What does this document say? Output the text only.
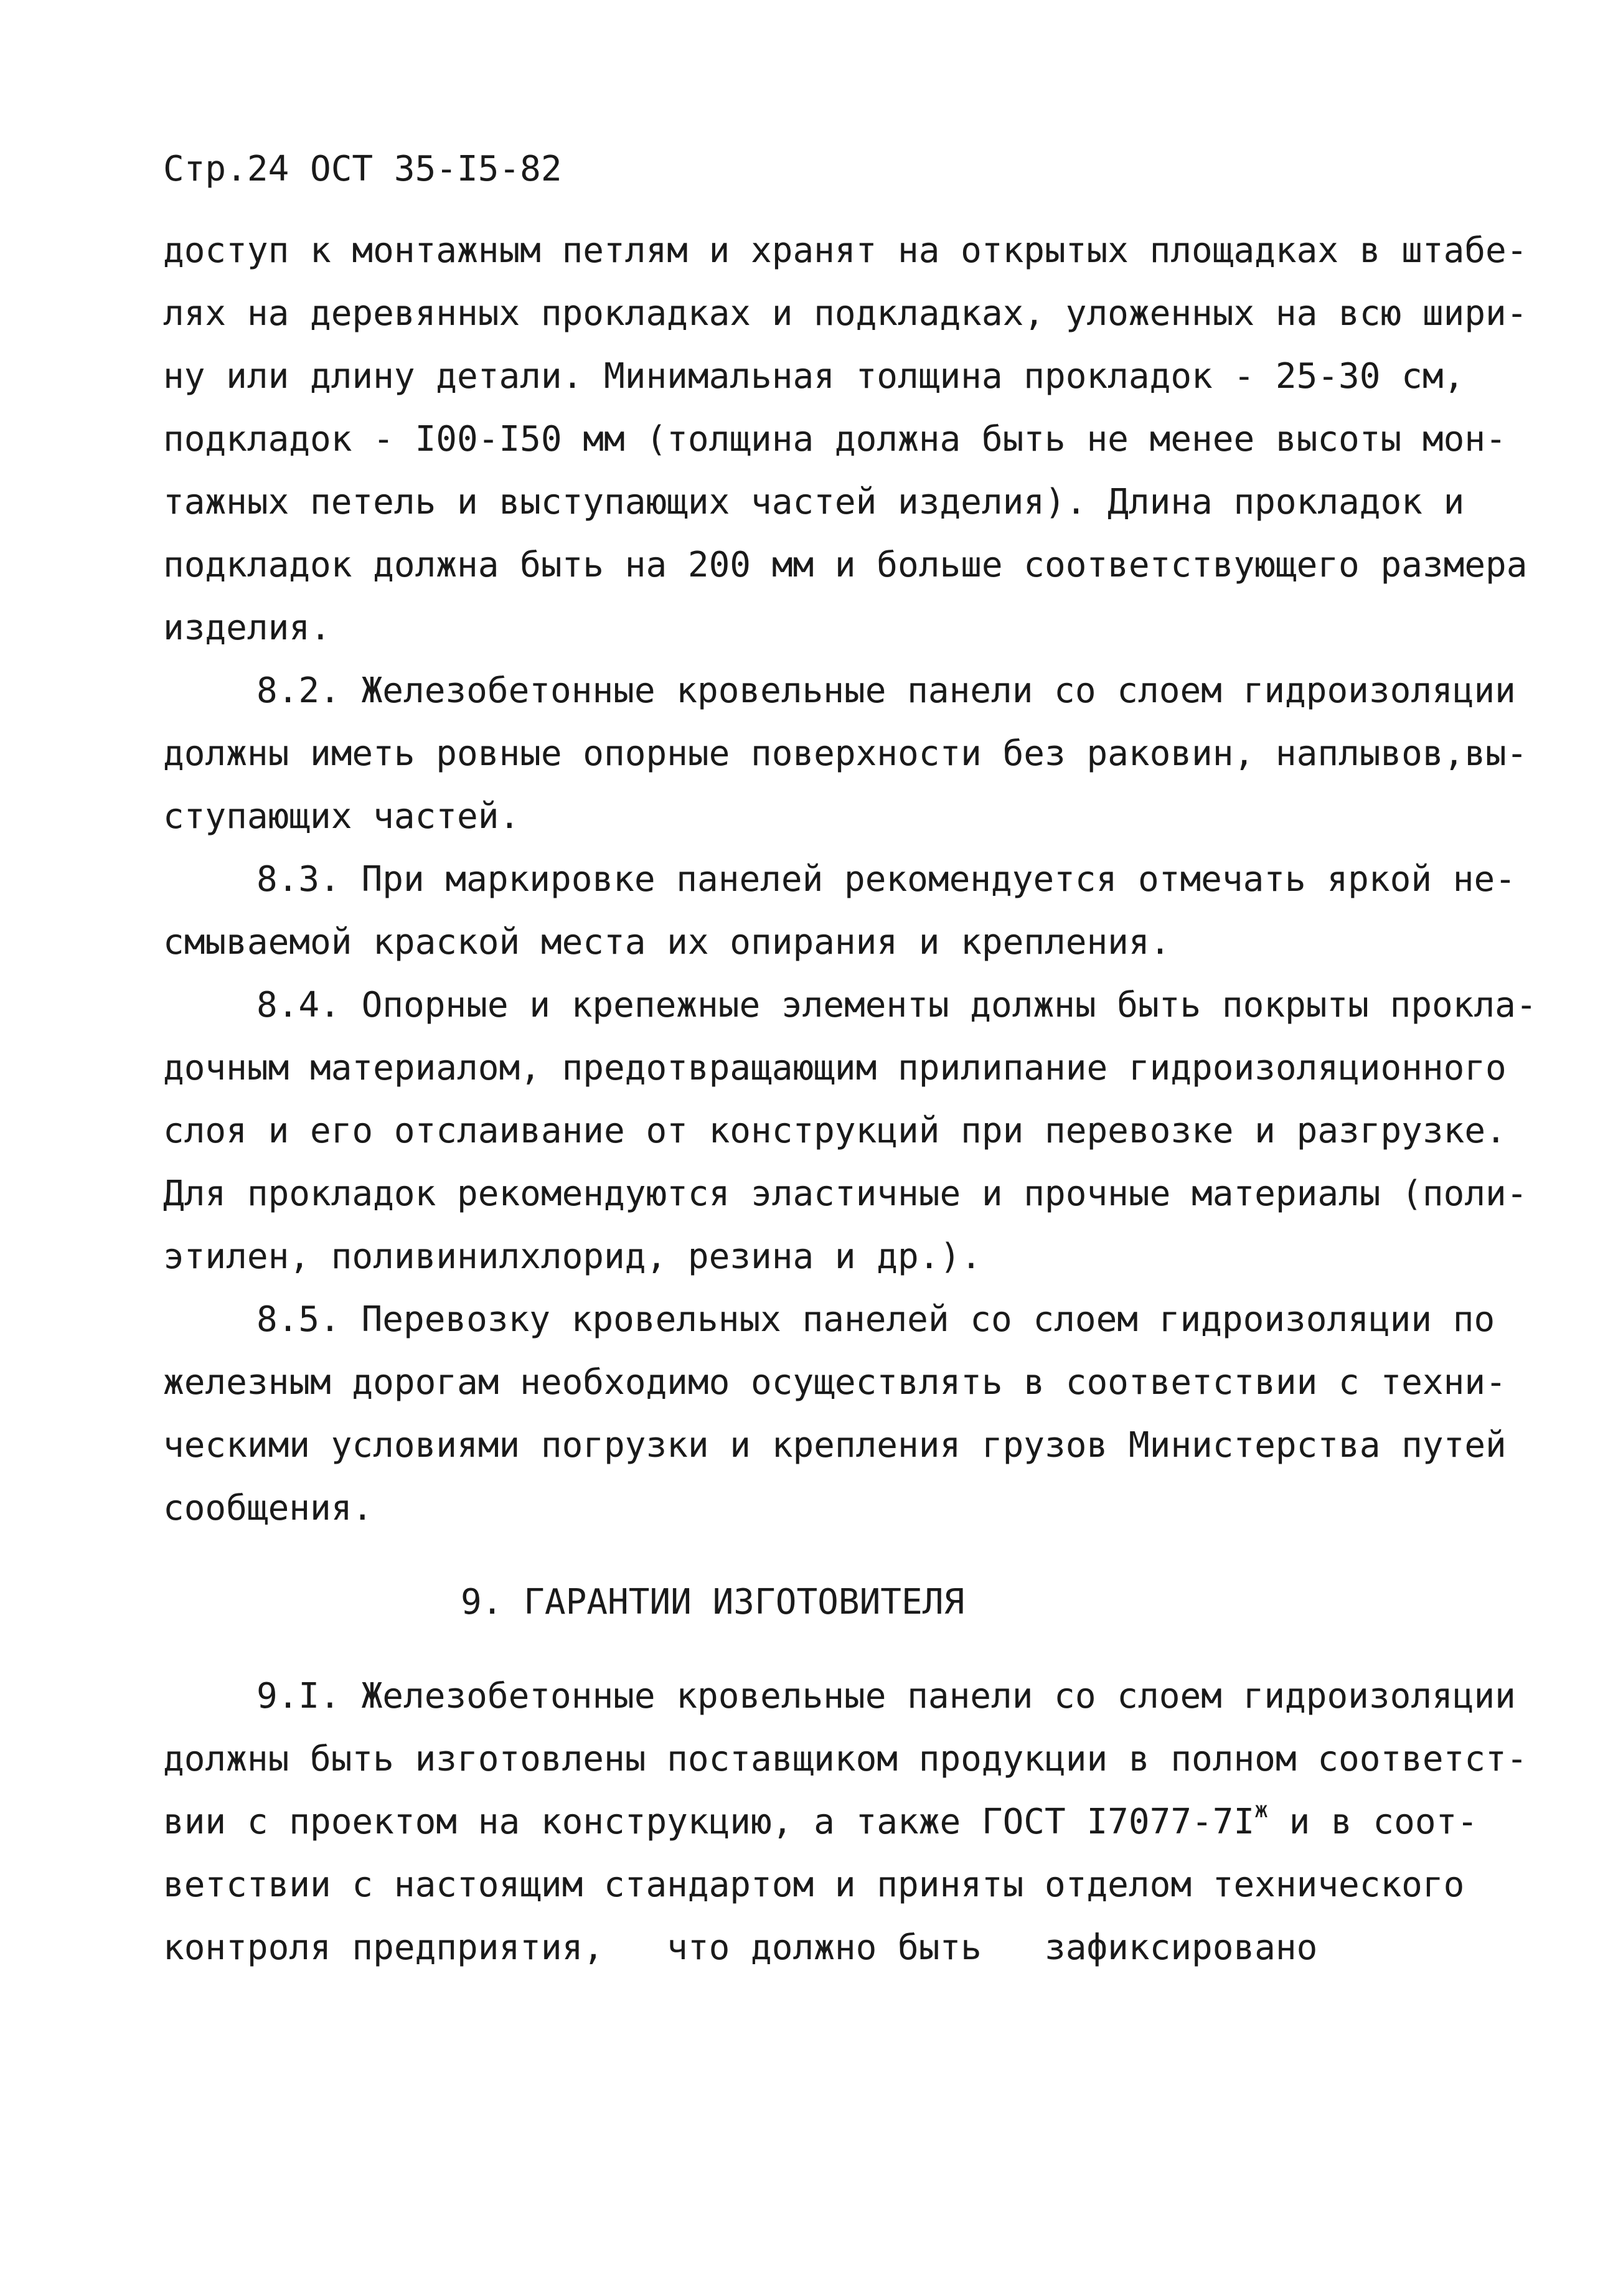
Стр.24 ОСТ 35-I5-82
доступ к монтажным петлям и хранят на открытых площадках в штабе-
лях на деревянных прокладках и подкладках, уложенных на всю шири-
ну или длину детали. Минимальная толщина прокладок - 25-30 см,
подкладок - I00-I50 мм (толщина должна быть не менее высоты мон-
тажных петель и выступающих частей изделия). Длина прокладок и
подкладок должна быть на 200 мм и больше соответствующего размера
изделия.
8.2. Железобетонные кровельные панели со слоем гидроизоляции
должны иметь ровные опорные поверхности без раковин, наплывов,вы-
ступающих частей.
8.3. При маркировке панелей рекомендуется отмечать яркой не-
смываемой краской места их опирания и крепления.
8.4. Опорные и крепежные элементы должны быть покрыты прокла-
дочным материалом, предотвращающим прилипание гидроизоляционного
слоя и его отслаивание от конструкций при перевозке и разгрузке.
Для прокладок рекомендуются эластичные и прочные материалы (поли-
этилен, поливинилхлорид, резина и др.).
8.5. Перевозку кровельных панелей со слоем гидроизоляции по
железным дорогам необходимо осуществлять в соответствии с техни-
ческими условиями погрузки и крепления грузов Министерства путей
сообщения.
9. ГАРАНТИИ ИЗГОТОВИТЕЛЯ
9.I. Железобетонные кровельные панели со слоем гидроизоляции
должны быть изготовлены поставщиком продукции в полном соответст-
вии с проектом на конструкцию, а также ГОСТ $I7077-7I^ж$ и в соот-
ветствии с настоящим стандартом и приняты отделом технического
контроля предприятия,   что должно быть   зафиксировано
